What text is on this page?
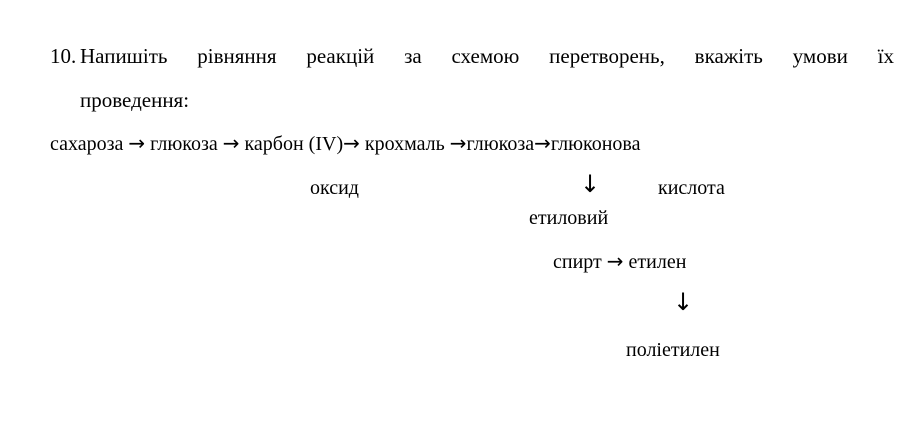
10. Напишіть рівняння реакцій за схемою перетворень, вкажіть умови їх
проведення:
сахароза → глюкоза → карбон (IV)→ крохмаль →глюкоза→глюконова
оксид	↓	кислота
етиловий
спирт → етилен
↓
поліетилен
